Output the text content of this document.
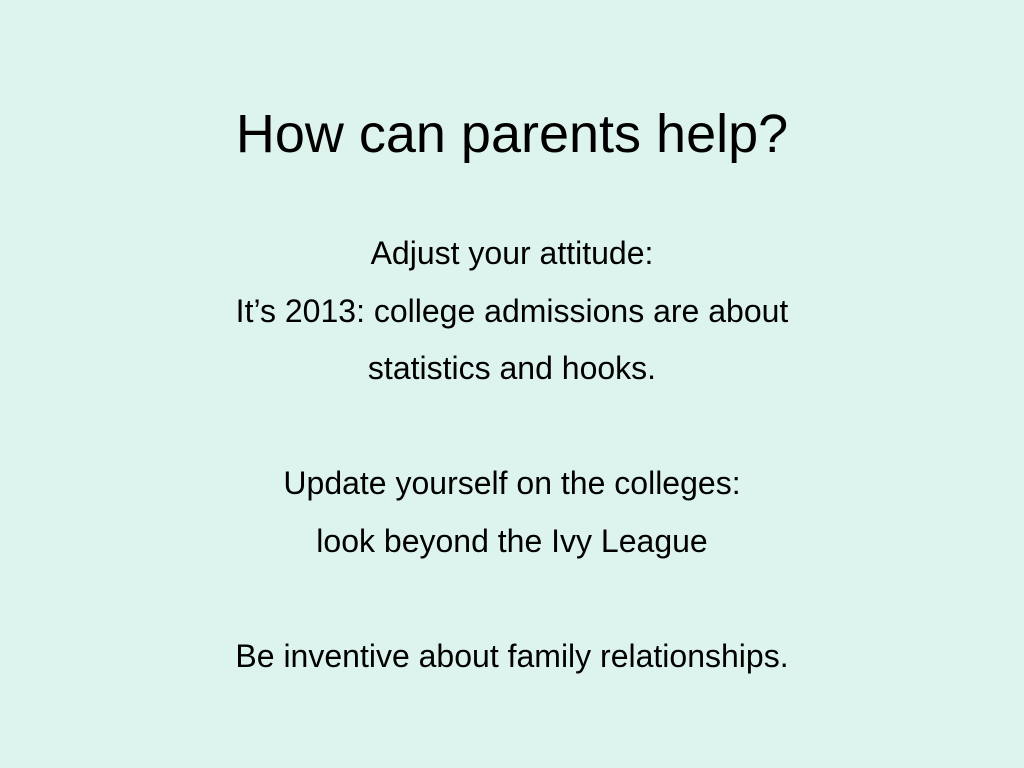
How can parents help?
Adjust your attitude:
It’s 2013: college admissions are about
statistics and hooks.
Update yourself on the colleges:
look beyond the Ivy League
Be inventive about family relationships.
